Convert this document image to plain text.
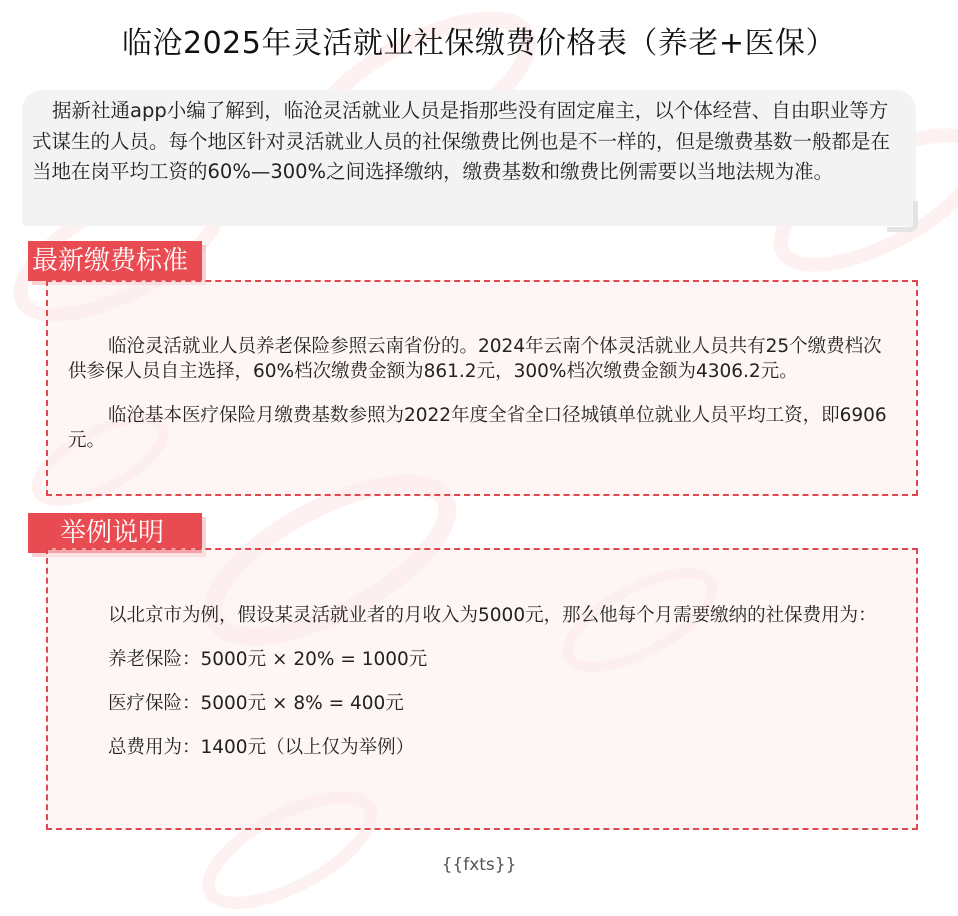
临沧2025年灵活就业社保缴费价格表（养老+医保）
据新社通app小编了解到，临沧灵活就业人员是指那些没有固定雇主，以个体经营、自由职业等方式谋生的人员。每个地区针对灵活就业人员的社保缴费比例也是不一样的，但是缴费基数一般都是在当地在岗平均工资的60%—300%之间选择缴纳，缴费基数和缴费比例需要以当地法规为准。
最新缴费标准

临沧灵活就业人员养老保险参照云南省份的。2024年云南个体灵活就业人员共有25个缴费档次供参保人员自主选择，60%档次缴费金额为861.2元，300%档次缴费金额为4306.2元。

临沧基本医疗保险月缴费基数参照为2022年度全省全口径城镇单位就业人员平均工资，即6906元。

举例说明

以北京市为例，假设某灵活就业者的月收入为5000元，那么他每个月需要缴纳的社保费用为：

养老保险：5000元 × 20% = 1000元

医疗保险：5000元 × 8% = 400元

总费用为：1400元（以上仅为举例）

{{fxts}}
